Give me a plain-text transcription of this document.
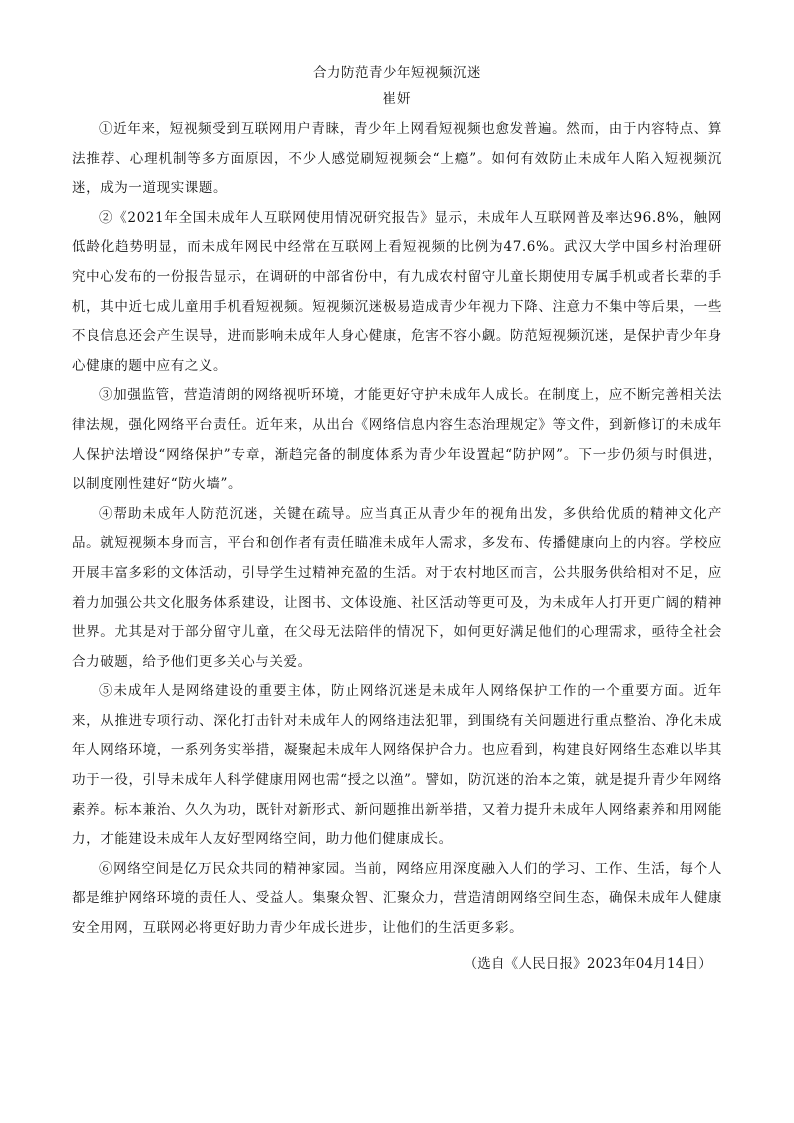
合力防范青少年短视频沉迷

崔妍

①近年来，短视频受到互联网用户青睐，青少年上网看短视频也愈发普遍。然而，由于内容特点、算法推荐、心理机制等多方面原因，不少人感觉刷短视频会“上瘾”。如何有效防止未成年人陷入短视频沉迷，成为一道现实课题。

②《2021年全国未成年人互联网使用情况研究报告》显示，未成年人互联网普及率达96.8%，触网低龄化趋势明显，而未成年网民中经常在互联网上看短视频的比例为47.6%。武汉大学中国乡村治理研究中心发布的一份报告显示，在调研的中部省份中，有九成农村留守儿童长期使用专属手机或者长辈的手机，其中近七成儿童用手机看短视频。短视频沉迷极易造成青少年视力下降、注意力不集中等后果，一些不良信息还会产生误导，进而影响未成年人身心健康，危害不容小觑。防范短视频沉迷，是保护青少年身心健康的题中应有之义。

③加强监管，营造清朗的网络视听环境，才能更好守护未成年人成长。在制度上，应不断完善相关法律法规，强化网络平台责任。近年来，从出台《网络信息内容生态治理规定》等文件，到新修订的未成年人保护法增设“网络保护”专章，渐趋完备的制度体系为青少年设置起“防护网”。下一步仍须与时俱进，以制度刚性建好“防火墙”。

④帮助未成年人防范沉迷，关键在疏导。应当真正从青少年的视角出发，多供给优质的精神文化产品。就短视频本身而言，平台和创作者有责任瞄准未成年人需求，多发布、传播健康向上的内容。学校应开展丰富多彩的文体活动，引导学生过精神充盈的生活。对于农村地区而言，公共服务供给相对不足，应着力加强公共文化服务体系建设，让图书、文体设施、社区活动等更可及，为未成年人打开更广阔的精神世界。尤其是对于部分留守儿童，在父母无法陪伴的情况下，如何更好满足他们的心理需求，亟待全社会合力破题，给予他们更多关心与关爱。

⑤未成年人是网络建设的重要主体，防止网络沉迷是未成年人网络保护工作的一个重要方面。近年来，从推进专项行动、深化打击针对未成年人的网络违法犯罪，到围绕有关问题进行重点整治、净化未成年人网络环境，一系列务实举措，凝聚起未成年人网络保护合力。也应看到，构建良好网络生态难以毕其功于一役，引导未成年人科学健康用网也需“授之以渔”。譬如，防沉迷的治本之策，就是提升青少年网络素养。标本兼治、久久为功，既针对新形式、新问题推出新举措，又着力提升未成年人网络素养和用网能力，才能建设未成年人友好型网络空间，助力他们健康成长。

⑥网络空间是亿万民众共同的精神家园。当前，网络应用深度融入人们的学习、工作、生活，每个人都是维护网络环境的责任人、受益人。集聚众智、汇聚众力，营造清朗网络空间生态，确保未成年人健康安全用网，互联网必将更好助力青少年成长进步，让他们的生活更多彩。

（选自《人民日报》2023年04月14日）
